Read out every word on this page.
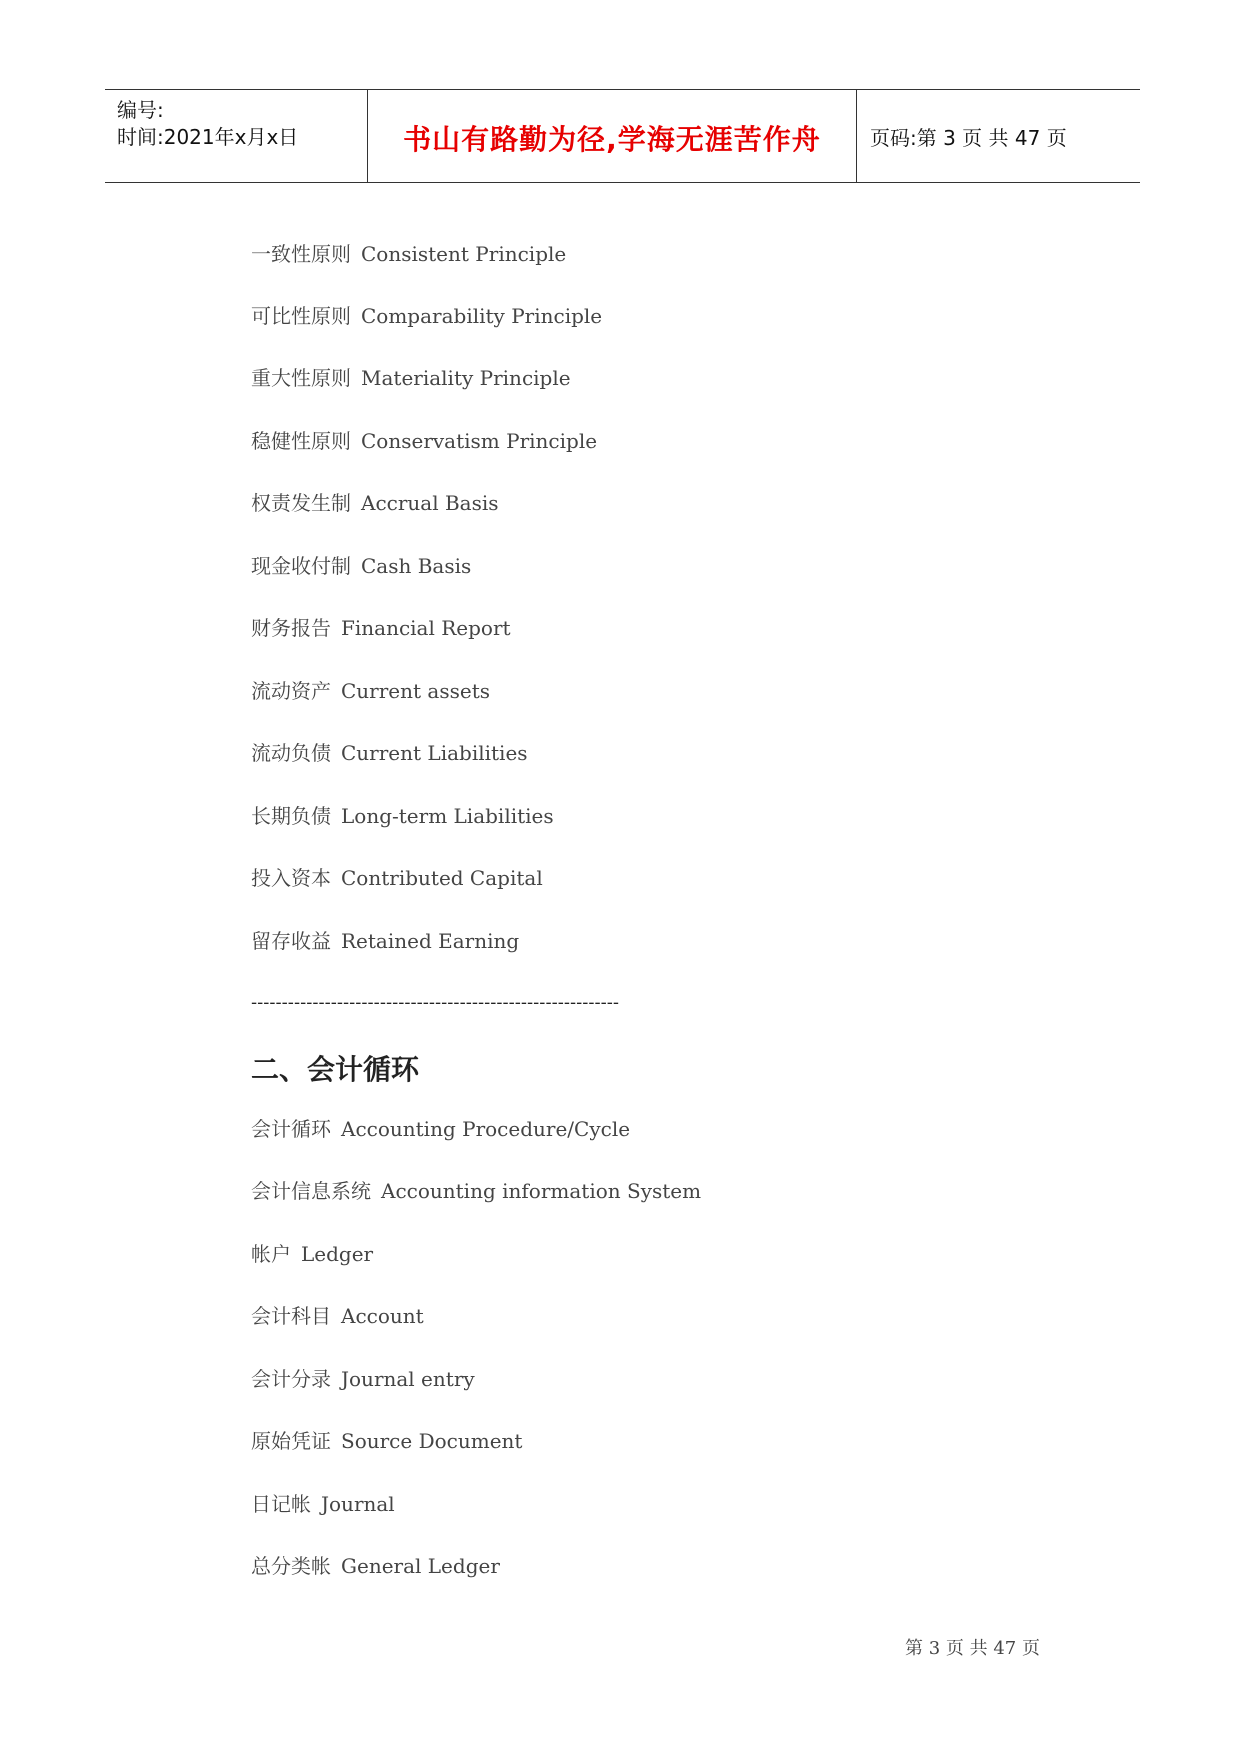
编号:
时间:2021年x月x日	书山有路勤为径,学海无涯苦作舟	页码:第 3 页 共 47 页
一致性原则 Consistent Principle
可比性原则 Comparability Principle
重大性原则 Materiality Principle
稳健性原则 Conservatism Principle
权责发生制 Accrual Basis
现金收付制 Cash Basis
财务报告 Financial Report
流动资产 Current assets
流动负债 Current Liabilities
长期负债 Long-term Liabilities
投入资本 Contributed Capital
留存收益 Retained Earning
------------------------------------------------------------
二、会计循环
会计循环 Accounting Procedure/Cycle
会计信息系统 Accounting information System
帐户 Ledger
会计科目 Account
会计分录 Journal entry
原始凭证 Source Document
日记帐 Journal
总分类帐 General Ledger
第 3 页 共 47 页
